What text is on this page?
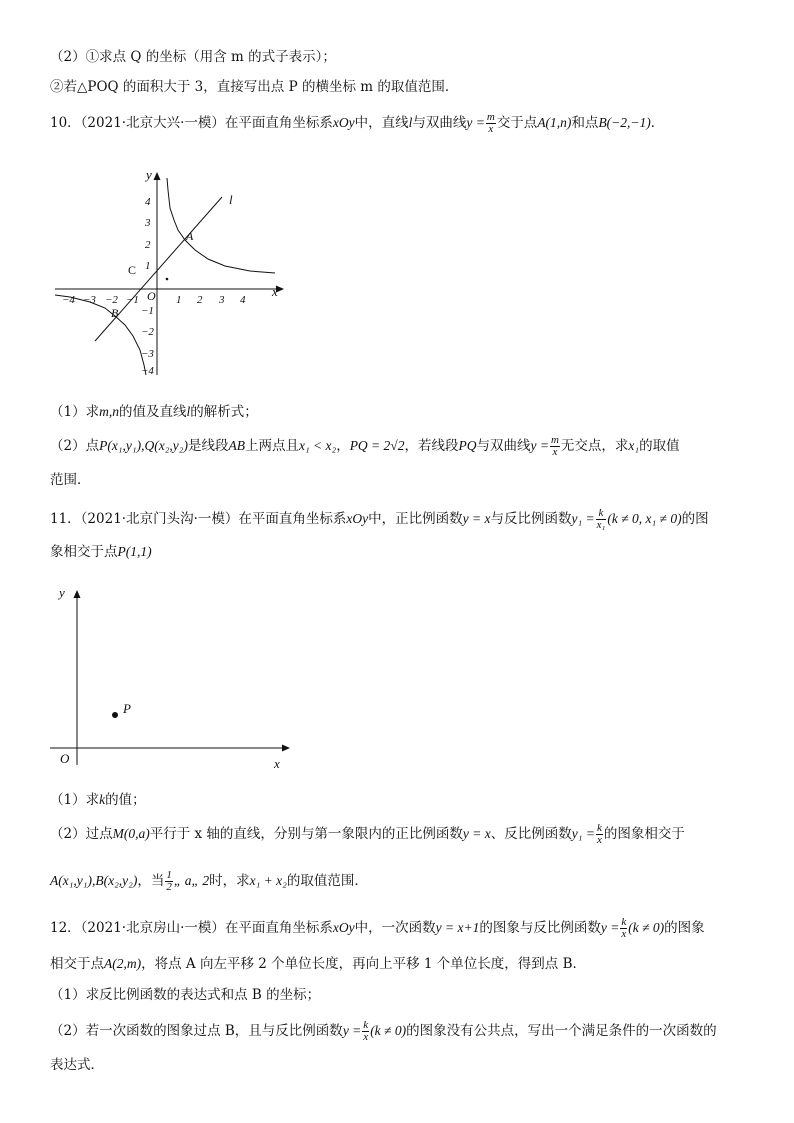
（2）①求点 Q 的坐标（用含 m 的式子表示）；
②若△POQ 的面积大于 3，直接写出点 P 的横坐标 m 的取值范围．
10．（2021·北京大兴·一模）在平面直角坐标系xOy中，直线l与双曲线$y = \frac{m}{x}$ 交于点A(1,n)和点B(−2,−1)．
−4 −3 −2 −1	1 2 3 4
4
3
2
1
−1
−2
−3
−4
O	x
y
l
A
B
C
（1）求m,n的值及直线l的解析式；
（2）点P(x₁,y₁),Q(x₂,y₂)是线段AB上两点且x₁ < x₂，PQ = 2√2，若线段PQ与双曲线$y = \frac{m}{x}$ 无交点，求x₁的取值
范围．
11．（2021·北京门头沟·一模）在平面直角坐标系xOy中，正比例函数y = x与反比例函数$y_1 = \frac{k}{\text{x₁}} (k \ne 0$, x₁ ≠ 0)的图
象相交于点P(1,1)
y
x
O
P
（1）求k的值；
（2）过点M(0,a)平行于 x 轴的直线，分别与第一象限内的正比例函数y = x、反比例函数$y_1 = \frac{k}{x}$ 的图象相交于
A(x₁,y₁),B(x₂,y₂)，当 $\frac{1}{2}$ „ a„ 2时，求x₁ + x₂的取值范围．
12．（2021·北京房山·一模）在平面直角坐标系xOy中，一次函数y = x+1的图象与反比例函数$y = \frac{k}{x} (k \ne 0)$的图象
相交于点A(2,m)，将点 A 向左平移 2 个单位长度，再向上平移 1 个单位长度，得到点 B．
（1）求反比例函数的表达式和点 B 的坐标；
（2）若一次函数的图象过点 B，且与反比例函数$y = \frac{k}{x} (k \ne 0)$的图象没有公共点，写出一个满足条件的一次函数的
表达式．
